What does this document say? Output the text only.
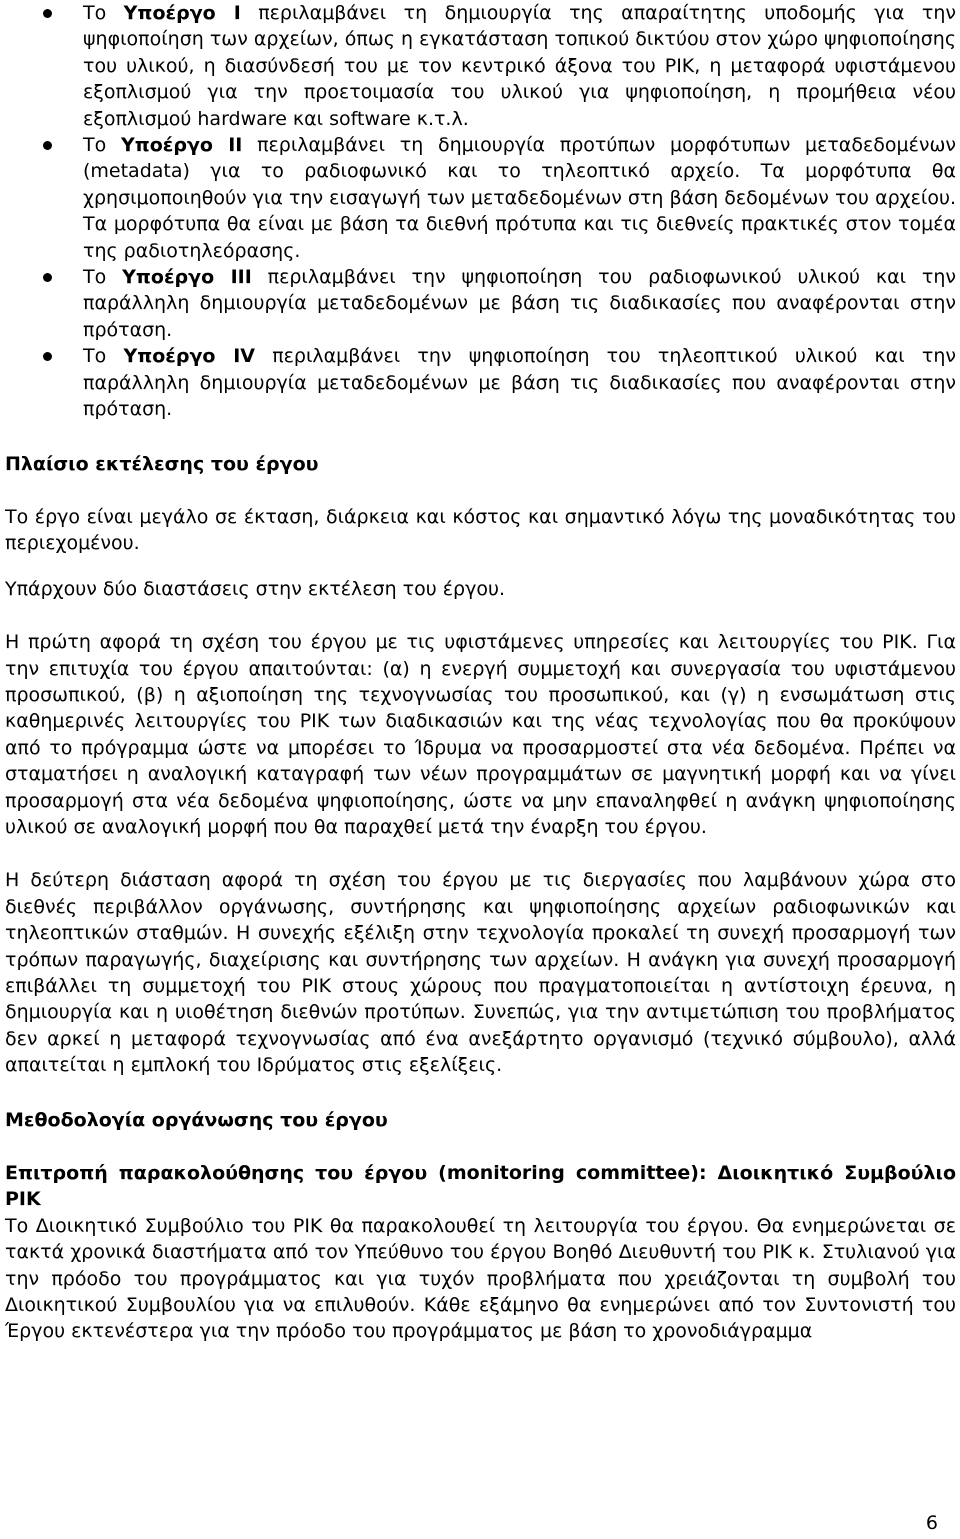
Το Υποέργο Ι περιλαμβάνει τη δημιουργία της απαραίτητης υποδομής για την ψηφιοποίηση των αρχείων, όπως η εγκατάσταση τοπικού δικτύου στον χώρο ψηφιοποίησης του υλικού, η διασύνδεσή του με τον κεντρικό άξονα του ΡΙΚ, η μεταφορά υφιστάμενου εξοπλισμού για την προετοιμασία του υλικού για ψηφιοποίηση, η προμήθεια νέου εξοπλισμού hardware και software κ.τ.λ.
Το Υποέργο ΙΙ περιλαμβάνει τη δημιουργία προτύπων μορφότυπων μεταδεδομένων (metadata) για το ραδιοφωνικό και το τηλεοπτικό αρχείο. Τα μορφότυπα θα χρησιμοποιηθούν για την εισαγωγή των μεταδεδομένων στη βάση δεδομένων του αρχείου. Τα μορφότυπα θα είναι με βάση τα διεθνή πρότυπα και τις διεθνείς πρακτικές στον τομέα της ραδιοτηλεόρασης.
Το Υποέργο ΙΙΙ περιλαμβάνει την ψηφιοποίηση του ραδιοφωνικού υλικού και την παράλληλη δημιουργία μεταδεδομένων με βάση τις διαδικασίες που αναφέρονται στην πρόταση.
Το Υποέργο ΙV περιλαμβάνει την ψηφιοποίηση του τηλεοπτικού υλικού και την παράλληλη δημιουργία μεταδεδομένων με βάση τις διαδικασίες που αναφέρονται στην πρόταση.

Πλαίσιο εκτέλεσης του έργου

Το έργο είναι μεγάλο σε έκταση, διάρκεια και κόστος και σημαντικό λόγω της μοναδικότητας του περιεχομένου.

Υπάρχουν δύο διαστάσεις στην εκτέλεση του έργου.

Η πρώτη αφορά τη σχέση του έργου με τις υφιστάμενες υπηρεσίες και λειτουργίες του ΡΙΚ. Για την επιτυχία του έργου απαιτούνται: (α) η ενεργή συμμετοχή και συνεργασία του υφιστάμενου προσωπικού, (β) η αξιοποίηση της τεχνογνωσίας του προσωπικού, και (γ) η ενσωμάτωση στις καθημερινές λειτουργίες του ΡΙΚ των διαδικασιών και της νέας τεχνολογίας που θα προκύψουν από το πρόγραμμα ώστε να μπορέσει το Ίδρυμα να προσαρμοστεί στα νέα δεδομένα. Πρέπει να σταματήσει η αναλογική καταγραφή των νέων προγραμμάτων σε μαγνητική μορφή και να γίνει προσαρμογή στα νέα δεδομένα ψηφιοποίησης, ώστε να μην επαναληφθεί η ανάγκη ψηφιοποίησης υλικού σε αναλογική μορφή που θα παραχθεί μετά την έναρξη του έργου.

Η δεύτερη διάσταση αφορά τη σχέση του έργου με τις διεργασίες που λαμβάνουν χώρα στο διεθνές περιβάλλον οργάνωσης, συντήρησης και ψηφιοποίησης αρχείων ραδιοφωνικών και τηλεοπτικών σταθμών. Η συνεχής εξέλιξη στην τεχνολογία προκαλεί τη συνεχή προσαρμογή των τρόπων παραγωγής, διαχείρισης και συντήρησης των αρχείων. Η ανάγκη για συνεχή προσαρμογή επιβάλλει τη συμμετοχή του ΡΙΚ στους χώρους που πραγματοποιείται η αντίστοιχη έρευνα, η δημιουργία και η υιοθέτηση διεθνών προτύπων. Συνεπώς, για την αντιμετώπιση του προβλήματος δεν αρκεί η μεταφορά τεχνογνωσίας από ένα ανεξάρτητο οργανισμό (τεχνικό σύμβουλο), αλλά απαιτείται η εμπλοκή του Ιδρύματος στις εξελίξεις.

Μεθοδολογία οργάνωσης του έργου

Επιτροπή παρακολούθησης του έργου (monitoring committee): Διοικητικό Συμβούλιο ΡΙΚ

Το Διοικητικό Συμβούλιο του ΡΙΚ θα παρακολουθεί τη λειτουργία του έργου. Θα ενημερώνεται σε τακτά χρονικά διαστήματα από τον Υπεύθυνο του έργου Βοηθό Διευθυντή του ΡΙΚ κ. Στυλιανού για την πρόοδο του προγράμματος και για τυχόν προβλήματα που χρειάζονται τη συμβολή του Διοικητικού Συμβουλίου για να επιλυθούν. Κάθε εξάμηνο θα ενημερώνει από τον Συντονιστή του Έργου εκτενέστερα για την πρόοδο του προγράμματος με βάση το χρονοδιάγραμμα

6
